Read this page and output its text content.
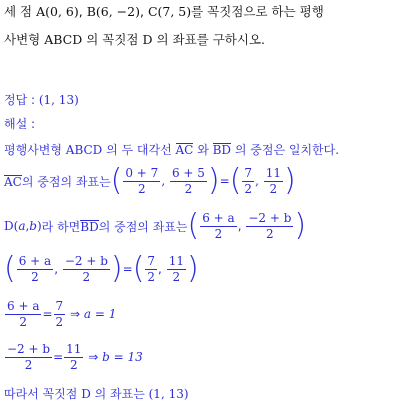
세 점 A(0, 6), B(6, −2), C(7, 5)를 꼭짓점으로 하는 평행
사변형 ABCD 의 꼭짓점 D 의 좌표를 구하시오.
정답 : (1, 13)
해설 :
평행사변형 ABCD 의 두 대각선 AC 와 BD 의 중점은 일치한다.
AC 의 중점의 좌표는 ( $\frac{0 + 7}{2}$ ,
$\frac{6 + 5}{2}$ ) = ( $\frac{7}{2}$ ,
$\frac{11}{2}$ )
D ( a , b ) 라 하면 BD 의 중점의 좌표는 ( $\frac{6 + a}{2}$ , $\frac{-2 + b}{2}$ )
( $\frac{6 + a}{2}$ , $\frac{-2 + b}{2}$ ) = ( $\frac{7}{2}$ , $\frac{11}{2}$ )
$\frac{6 + a}{2} = \frac{7}{2}$
⇒
a = 1
$\frac{-2 + b}{2} = \frac{11}{2}$
⇒
b = 13
따라서 꼭짓점 D 의 좌표는 (1, 13)
